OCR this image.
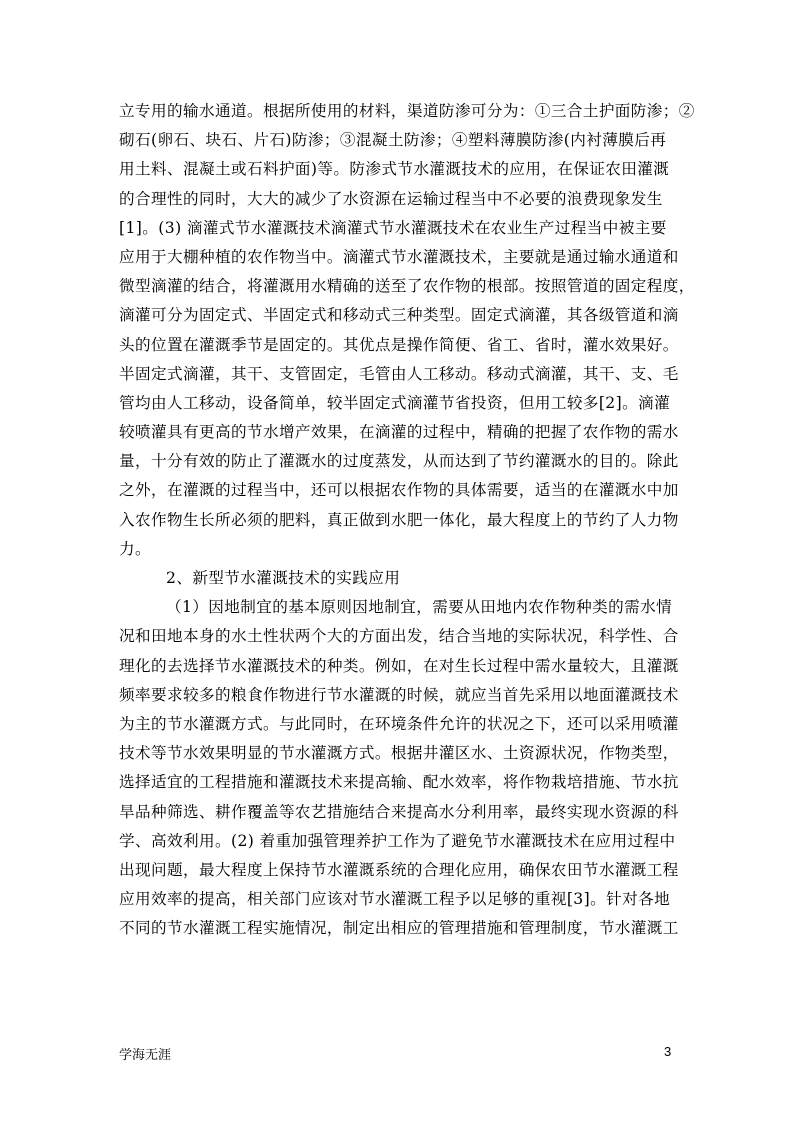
立专用的输水通道。根据所使用的材料，渠道防渗可分为：①三合土护面防渗；②
砌石(卵石、块石、片石)防渗；③混凝土防渗；④塑料薄膜防渗(内衬薄膜后再
用土料、混凝土或石料护面)等。防渗式节水灌溉技术的应用，在保证农田灌溉
的合理性的同时，大大的减少了水资源在运输过程当中不必要的浪费现象发生
[1]。(3) 滴灌式节水灌溉技术滴灌式节水灌溉技术在农业生产过程当中被主要
应用于大棚种植的农作物当中。滴灌式节水灌溉技术，主要就是通过输水通道和
微型滴灌的结合，将灌溉用水精确的送至了农作物的根部。按照管道的固定程度，
滴灌可分为固定式、半固定式和移动式三种类型。固定式滴灌，其各级管道和滴
头的位置在灌溉季节是固定的。其优点是操作简便、省工、省时，灌水效果好。
半固定式滴灌，其干、支管固定，毛管由人工移动。移动式滴灌，其干、支、毛
管均由人工移动，设备简单，较半固定式滴灌节省投资，但用工较多[2]。滴灌
较喷灌具有更高的节水增产效果，在滴灌的过程中，精确的把握了农作物的需水
量，十分有效的防止了灌溉水的过度蒸发，从而达到了节约灌溉水的目的。除此
之外，在灌溉的过程当中，还可以根据农作物的具体需要，适当的在灌溉水中加
入农作物生长所必须的肥料，真正做到水肥一体化，最大程度上的节约了人力物
力。
2、新型节水灌溉技术的实践应用
（1）因地制宜的基本原则因地制宜，需要从田地内农作物种类的需水情
况和田地本身的水土性状两个大的方面出发，结合当地的实际状况，科学性、合
理化的去选择节水灌溉技术的种类。例如，在对生长过程中需水量较大，且灌溉
频率要求较多的粮食作物进行节水灌溉的时候，就应当首先采用以地面灌溉技术
为主的节水灌溉方式。与此同时，在环境条件允许的状况之下，还可以采用喷灌
技术等节水效果明显的节水灌溉方式。根据井灌区水、土资源状况，作物类型，
选择适宜的工程措施和灌溉技术来提高输、配水效率，将作物栽培措施、节水抗
旱品种筛选、耕作覆盖等农艺措施结合来提高水分利用率，最终实现水资源的科
学、高效利用。(2) 着重加强管理养护工作为了避免节水灌溉技术在应用过程中
出现问题，最大程度上保持节水灌溉系统的合理化应用，确保农田节水灌溉工程
应用效率的提高，相关部门应该对节水灌溉工程予以足够的重视[3]。针对各地
不同的节水灌溉工程实施情况，制定出相应的管理措施和管理制度，节水灌溉工
学海无涯	3
